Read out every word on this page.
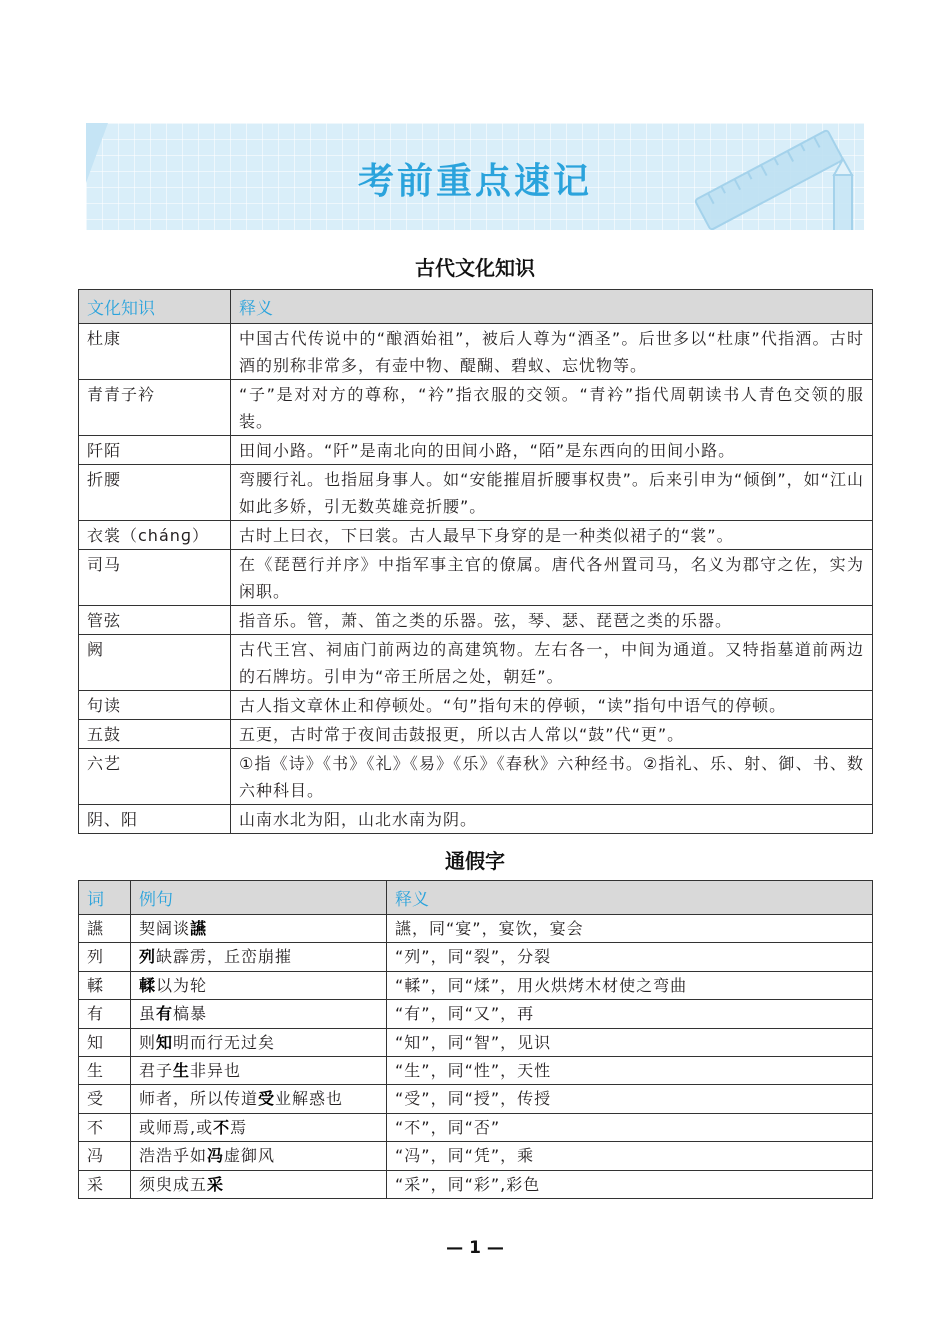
考前重点速记
古代文化知识
文化知识	释义
杜康	中国古代传说中的“酿酒始祖”，被后人尊为“酒圣”。后世多以“杜康”代指酒。古时酒的别称非常多，有壶中物、醍醐、碧蚁、忘忧物等。
青青子衿	“子”是对对方的尊称，“衿”指衣服的交领。“青衿”指代周朝读书人青色交领的服装。
阡陌	田间小路。“阡”是南北向的田间小路，“陌”是东西向的田间小路。
折腰	弯腰行礼。也指屈身事人。如“安能摧眉折腰事权贵”。后来引申为“倾倒”，如“江山如此多娇，引无数英雄竞折腰”。
衣裳（chánɡ）	古时上曰衣，下曰裳。古人最早下身穿的是一种类似裙子的“裳”。
司马	在《琵琶行并序》中指军事主官的僚属。唐代各州置司马，名义为郡守之佐，实为闲职。
管弦	指音乐。管，萧、笛之类的乐器。弦，琴、瑟、琵琶之类的乐器。
阙	古代王宫、祠庙门前两边的高建筑物。左右各一，中间为通道。又特指墓道前两边的石牌坊。引申为“帝王所居之处，朝廷”。
句读	古人指文章休止和停顿处。“句”指句末的停顿，“读”指句中语气的停顿。
五鼓	五更，古时常于夜间击鼓报更，所以古人常以“鼓”代“更”。
六艺	①指《诗》《书》《礼》《易》《乐》《春秋》六种经书。②指礼、乐、射、御、书、数六种科目。
阴、阳	山南水北为阳，山北水南为阴。
通假字
词	例句	释义
讌	契阔谈讌	讌，同“宴”，宴饮，宴会
列	列缺霹雳，丘峦崩摧	“列”，同“裂”，分裂
輮	輮以为轮	“輮”，同“煣”，用火烘烤木材使之弯曲
有	虽有槁暴	“有”，同“又”，再
知	则知明而行无过矣	“知”，同“智”，见识
生	君子生非异也	“生”，同“性”，天性
受	师者，所以传道受业解惑也	“受”，同“授”，传授
不	或师焉,或不焉	“不”，同“否”
冯	浩浩乎如冯虚御风	“冯”，同“凭”，乘
采	须臾成五采	“采”，同“彩”,彩色
— 1 —
